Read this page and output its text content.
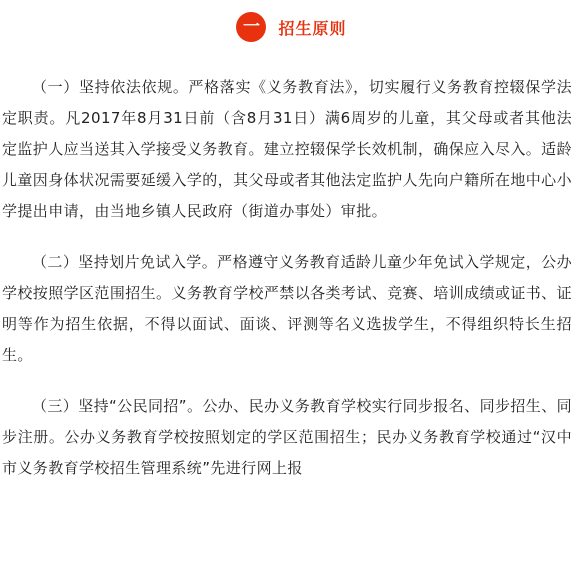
一	招生原则

（一）坚持依法依规。严格落实《义务教育法》，切实履行义务教育控辍保学法定职责。凡2017年8月31日前（含8月31日）满6周岁的儿童，其父母或者其他法定监护人应当送其入学接受义务教育。建立控辍保学长效机制，确保应入尽入。适龄儿童因身体状况需要延缓入学的，其父母或者其他法定监护人先向户籍所在地中心小学提出申请，由当地乡镇人民政府（街道办事处）审批。

（二）坚持划片免试入学。严格遵守义务教育适龄儿童少年免试入学规定，公办学校按照学区范围招生。义务教育学校严禁以各类考试、竞赛、培训成绩或证书、证明等作为招生依据，不得以面试、面谈、评测等名义选拔学生，不得组织特长生招生。

（三）坚持“公民同招”。公办、民办义务教育学校实行同步报名、同步招生、同步注册。公办义务教育学校按照划定的学区范围招生；民办义务教育学校通过“汉中市义务教育学校招生管理系统”先进行网上报
